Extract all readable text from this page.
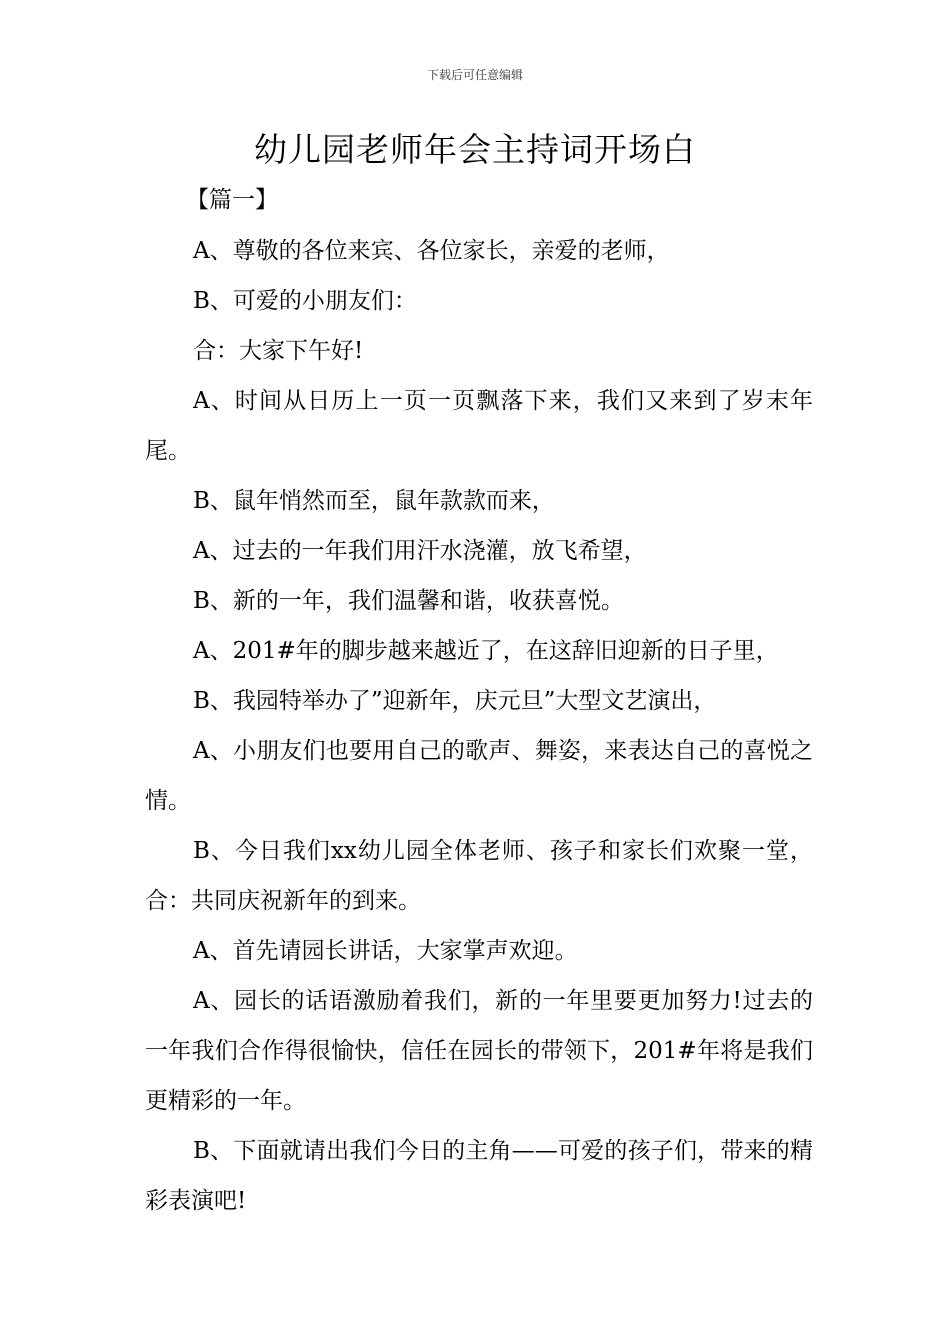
下载后可任意编辑
幼儿园老师年会主持词开场白
【篇一】

A、尊敬的各位来宾、各位家长，亲爱的老师，

B、可爱的小朋友们：

合：大家下午好!

A、时间从日历上一页一页飘落下来，我们又来到了岁末年尾。

B、鼠年悄然而至，鼠年款款而来，

A、过去的一年我们用汗水浇灌，放飞希望，

B、新的一年，我们温馨和谐，收获喜悦。

A、201#年的脚步越来越近了，在这辞旧迎新的日子里，

B、我园特举办了”迎新年，庆元旦”大型文艺演出，

A、小朋友们也要用自己的歌声、舞姿，来表达自己的喜悦之情。

B、今日我们xx幼儿园全体老师、孩子和家长们欢聚一堂，合：共同庆祝新年的到来。

A、首先请园长讲话，大家掌声欢迎。

A、园长的话语激励着我们，新的一年里要更加努力!过去的一年我们合作得很愉快，信任在园长的带领下，201#年将是我们更精彩的一年。

B、下面就请出我们今日的主角——可爱的孩子们，带来的精彩表演吧!
